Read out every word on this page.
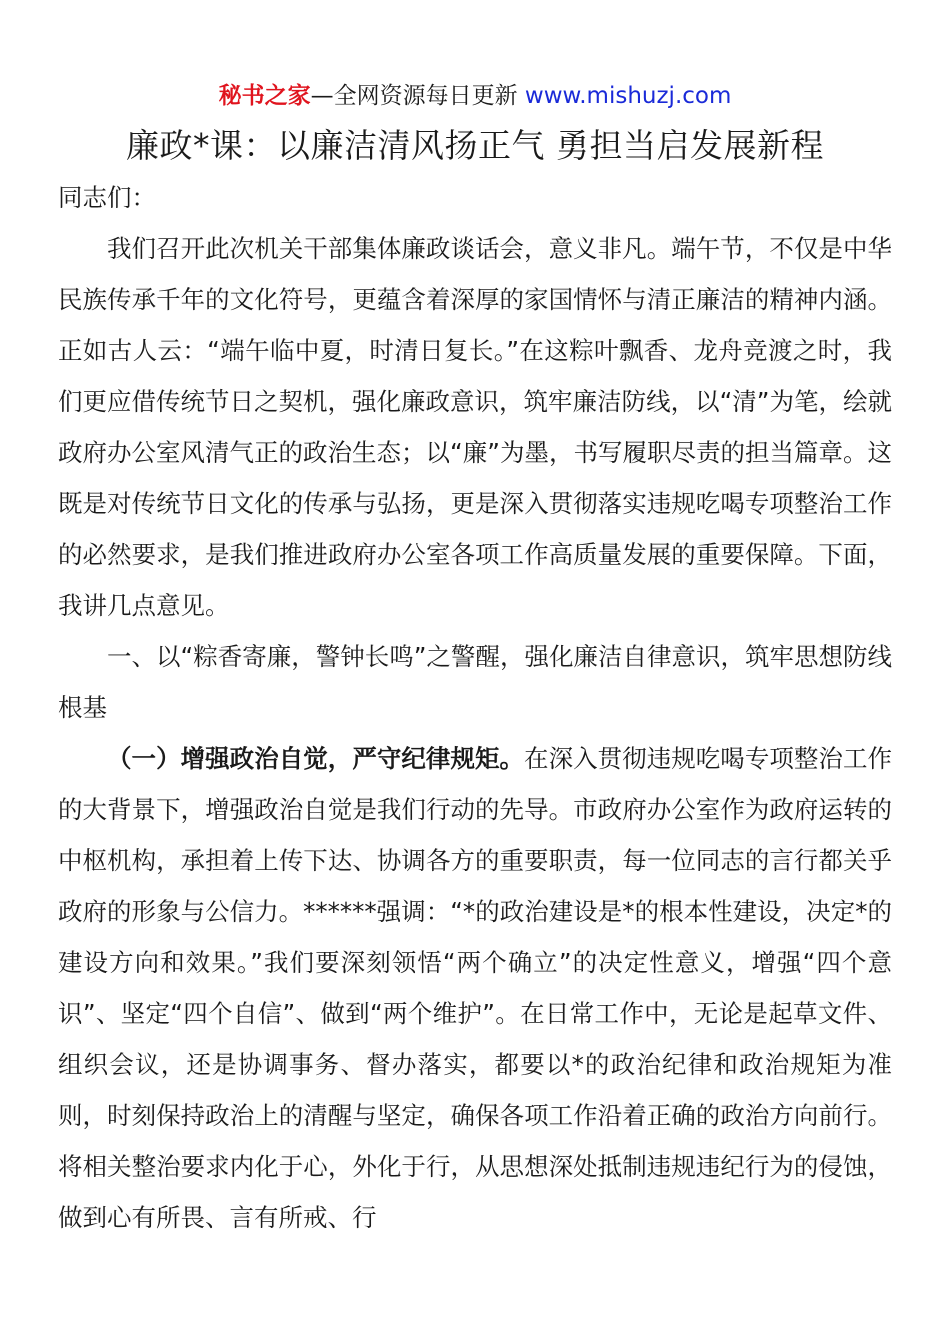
秘书之家—全网资源每日更新 www.mishuzj.com
廉政*课：以廉洁清风扬正气 勇担当启发展新程

同志们：

我们召开此次机关干部集体廉政谈话会，意义非凡。端午节，不仅是中华民族传承千年的文化符号，更蕴含着深厚的家国情怀与清正廉洁的精神内涵。正如古人云：“端午临中夏，时清日复长。”在这粽叶飘香、龙舟竞渡之时，我们更应借传统节日之契机，强化廉政意识，筑牢廉洁防线，以“清”为笔，绘就政府办公室风清气正的政治生态；以“廉”为墨，书写履职尽责的担当篇章。这既是对传统节日文化的传承与弘扬，更是深入贯彻落实违规吃喝专项整治工作的必然要求，是我们推进政府办公室各项工作高质量发展的重要保障。下面，我讲几点意见。

一、以“粽香寄廉，警钟长鸣”之警醒，强化廉洁自律意识，筑牢思想防线根基

（一）增强政治自觉，严守纪律规矩。在深入贯彻违规吃喝专项整治工作的大背景下，增强政治自觉是我们行动的先导。市政府办公室作为政府运转的中枢机构，承担着上传下达、协调各方的重要职责，每一位同志的言行都关乎政府的形象与公信力。******强调：“*的政治建设是*的根本性建设，决定*的建设方向和效果。”我们要深刻领悟“两个确立”的决定性意义，增强“四个意识”、坚定“四个自信”、做到“两个维护”。在日常工作中，无论是起草文件、组织会议，还是协调事务、督办落实，都要以*的政治纪律和政治规矩为准则，时刻保持政治上的清醒与坚定，确保各项工作沿着正确的政治方向前行。将相关整治要求内化于心，外化于行，从思想深处抵制违规违纪行为的侵蚀，做到心有所畏、言有所戒、行
